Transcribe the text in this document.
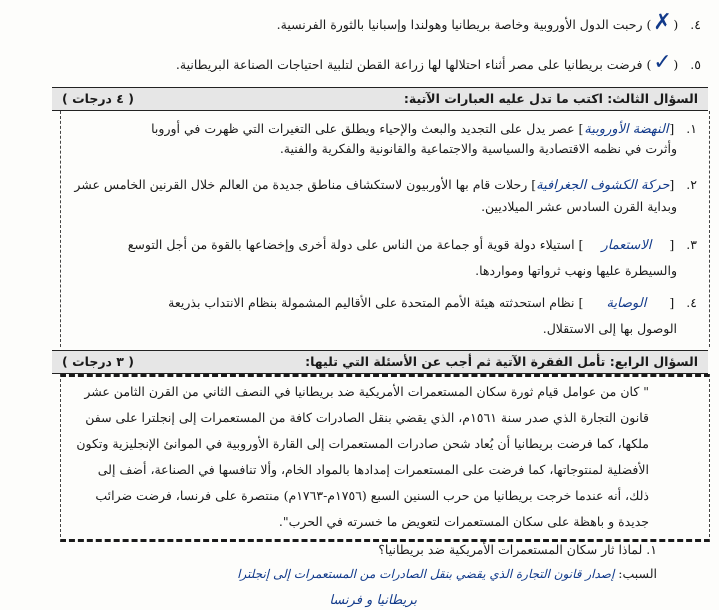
٤. (✗) رحبت الدول الأوروبية وخاصة بريطانيا وهولندا وإسبانيا بالثورة الفرنسية.
٥. (✓) فرضت بريطانيا على مصر أثناء احتلالها لها زراعة القطن لتلبية احتياجات الصناعة البريطانية.
السؤال الثالث: اكتب ما تدل عليه العبارات الآتية:
( ٤ درجات )
١. [النهضة الأوروبية] عصر يدل على التجديد والبعث والإحياء ويطلق على التغيرات التي ظهرت في أوروبا
وأثرت في نظمه الاقتصادية والسياسية والاجتماعية والقانونية والفكرية والفنية.
٢. [حركة الكشوف الجغرافية] رحلات قام بها الأوربيون لاستكشاف مناطق جديدة من العالم خلال القرنين الخامس عشر
وبداية القرن السادس عشر الميلاديين.
٣. [الاستعمار] استيلاء دولة قوية أو جماعة من الناس على دولة أخرى وإخضاعها بالقوة من أجل التوسع
والسيطرة عليها ونهب ثرواتها ومواردها.
٤. [الوصاية] نظام استحدثته هيئة الأمم المتحدة على الأقاليم المشمولة بنظام الانتداب بذريعة
الوصول بها إلى الاستقلال.
السؤال الرابع: تأمل الفقرة الآتية ثم أجب عن الأسئلة التي تليها:
( ٣ درجات )
" كان من عوامل قيام ثورة سكان المستعمرات الأمريكية ضد بريطانيا في النصف الثاني من القرن الثامن عشر
قانون التجارة الذي صدر سنة ١٥٦١م، الذي يقضي بنقل الصادرات كافة من المستعمرات إلى إنجلترا على سفن
ملكها، كما فرضت بريطانيا أن يُعاد شحن صادرات المستعمرات إلى القارة الأوروبية في الموانئ الإنجليزية وتكون
الأفضلية لمنتوجاتها، كما فرضت على المستعمرات إمدادها بالمواد الخام، وألا تنافسها في الصناعة، أضف إلى
ذلك، أنه عندما خرجت بريطانيا من حرب السنين السبع (١٧٥٦م-١٧٦٣م) منتصرة على فرنسا، فرضت ضرائب
جديدة و باهظة على سكان المستعمرات لتعويض ما خسرته في الحرب".
١. لماذا ثار سكان المستعمرات الأمريكية ضد بريطانيا؟
السبب: إصدار قانون التجارة الذي يقضي بنقل الصادرات من المستعمرات إلى إنجلترا
بريطانيا و فرنسا
